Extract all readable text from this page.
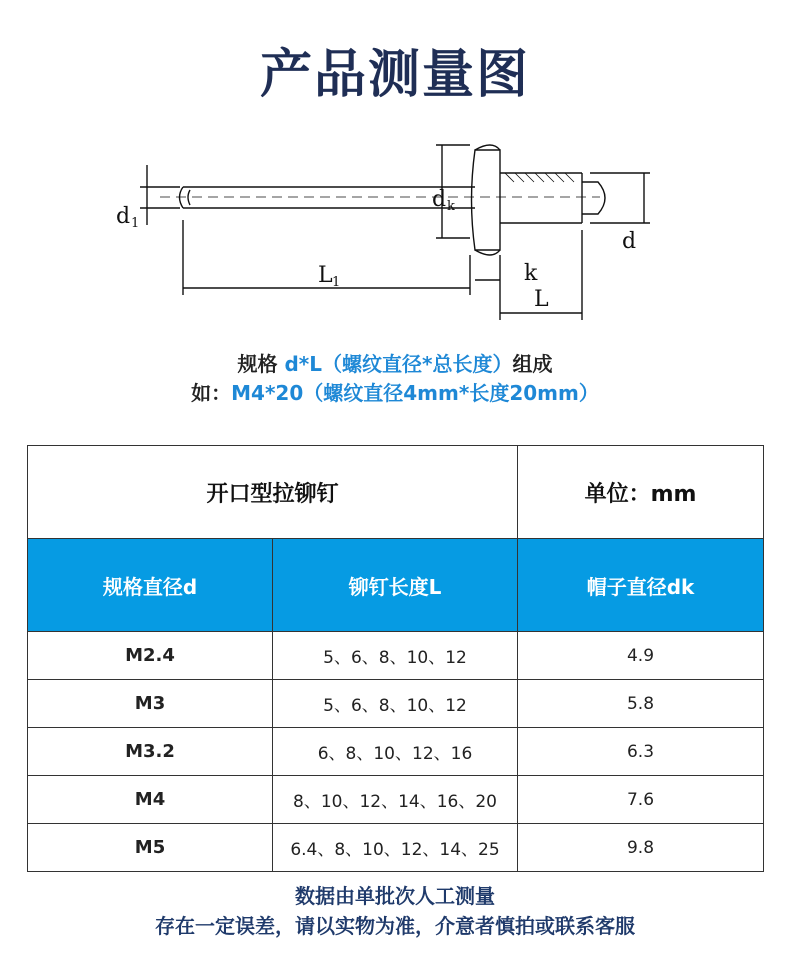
产品测量图
d 1
d k
d
L 1	k
L
规格 d*L（螺纹直径*总长度）组成
如：M4*20（螺纹直径4mm*长度20mm）
开口型拉铆钉		单位：mm
规格直径d	铆钉长度L	帽子直径dk
M2.4	5、6、8、10、12	4.9
M3	5、6、8、10、12	5.8
M3.2	6、8、10、12、16	6.3
M4	8、10、12、14、16、20	7.6
M5	6.4、8、10、12、14、25	9.8
数据由单批次人工测量
存在一定误差，请以实物为准，介意者慎拍或联系客服
